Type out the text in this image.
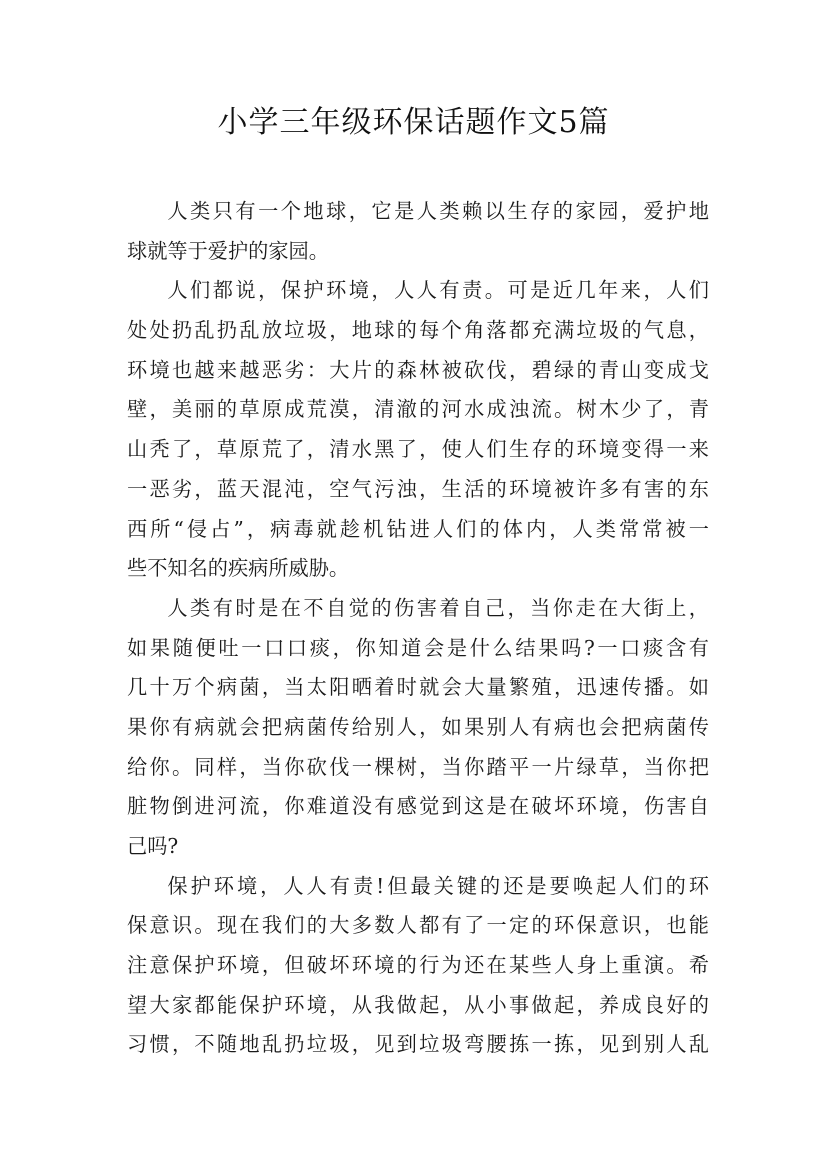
小学三年级环保话题作文5篇
人类只有一个地球，它是人类赖以生存的家园，爱护地
球就等于爱护的家园。
人们都说，保护环境，人人有责。可是近几年来，人们
处处扔乱扔乱放垃圾，地球的每个角落都充满垃圾的气息，
环境也越来越恶劣：大片的森林被砍伐，碧绿的青山变成戈
壁，美丽的草原成荒漠，清澈的河水成浊流。树木少了，青
山秃了，草原荒了，清水黑了，使人们生存的环境变得一来
一恶劣，蓝天混沌，空气污浊，生活的环境被许多有害的东
西所“侵占”，病毒就趁机钻进人们的体内，人类常常被一
些不知名的疾病所威胁。
人类有时是在不自觉的伤害着自己，当你走在大街上，
如果随便吐一口口痰，你知道会是什么结果吗?一口痰含有
几十万个病菌，当太阳晒着时就会大量繁殖，迅速传播。如
果你有病就会把病菌传给别人，如果别人有病也会把病菌传
给你。同样，当你砍伐一棵树，当你踏平一片绿草，当你把
脏物倒进河流，你难道没有感觉到这是在破坏环境，伤害自
己吗?
保护环境，人人有责!但最关键的还是要唤起人们的环
保意识。现在我们的大多数人都有了一定的环保意识，也能
注意保护环境，但破坏环境的行为还在某些人身上重演。希
望大家都能保护环境，从我做起，从小事做起，养成良好的
习惯，不随地乱扔垃圾，见到垃圾弯腰拣一拣，见到别人乱
